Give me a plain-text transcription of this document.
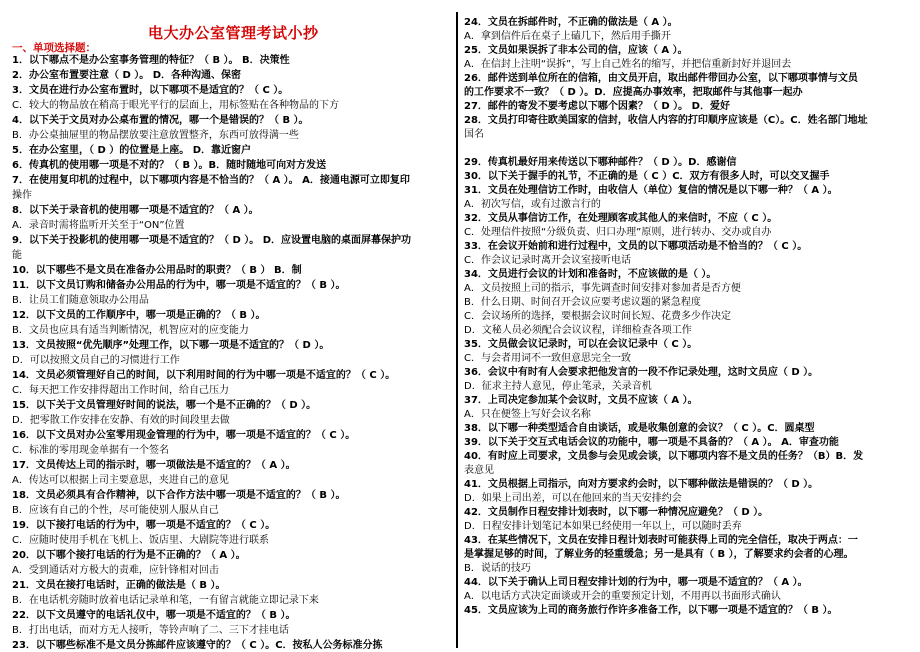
电大办公室管理考试小抄
一、单项选择题：
1．以下哪点不是办公室事务管理的特征？（ B ）。 B．决策性
2．办公室布置要注意（ D ）。 D．各种沟通、保密
3．文员在进行办公室布置时，以下哪项不是适宜的？（ C ）。
C．较大的物品放在稍高于眼光平行的层面上，用标签贴在各种物品的下方
4．以下关于文员对办公桌布置的情况，哪一个是错误的？（ B ）。
B．办公桌抽屉里的物品摆放要注意放置整齐，东西可放得满一些
5．在办公室里，（ D ）的位置是上座。 D．靠近窗户
6．传真机的使用哪一项是不对的？（ B ）。B．随时随地可向对方发送
7．在使用复印机的过程中，以下哪项内容是不恰当的？（ A ）。 A．接通电源可立即复印
操作
8．以下关于录音机的使用哪一项是不适宜的？（ A ）。
A．录音时需将监听开关至于“ON”位置
9．以下关于投影机的使用哪一项是不适宜的？（ D ）。 D．应设置电脑的桌面屏幕保护功
能
10．以下哪些不是文员在准备办公用品时的职责？（ B ） B．制
11．以下文员订购和储备办公用品的行为中，哪一项是不适宜的？（ B ）。
B．让员工们随意领取办公用品
12．以下文员的工作顺序中，哪一项是正确的？（ B ）。
B．文员也应具有适当判断情况，机智应对的应变能力
13．文员按照“优先顺序”处理工作，以下哪一项是不适宜的？（ D ）。
D．可以按照文员自己的习惯进行工作
14．文员必须管理好自己的时间，以下利用时间的行为中哪一项是不适宜的？（ C ）。
C．每天把工作安排得超出工作时间，给自己压力
15．以下关于文员管理好时间的说法，哪一个是不正确的？（ D ）。
D．把零散工作安排在安静、有效的时间段里去做
16．以下文员对办公室零用现金管理的行为中，哪一项是不适宜的？（ C ）。
C．标准的零用现金单据有一个签名
17．文员传达上司的指示时，哪一项做法是不适宜的？（ A ）。
A．传达可以根据上司主要意思，夹进自己的意见
18．文员必须具有合作精神，以下合作方法中哪一项是不适宜的？（ B ）。
B．应该有自己的个性，尽可能使别人服从自己
19．以下接打电话的行为中，哪一项是不适宜的？（ C ）。
C．应随时使用手机在飞机上、饭店里、大剧院等进行联系
20．以下哪个接打电话的行为是不正确的？（ A ）。
A．受到通话对方极大的责难，应针锋相对回击
21．文员在接打电话时，正确的做法是（ B ）。
B．在电话机旁随时放着电话记录单和笔，一有留言就能立即记录下来
22．以下文员遵守的电话礼仪中，哪一项是不适宜的？（ B ）。
B．打出电话，而对方无人接听，等铃声响了二、三下才挂电话
23．以下哪些标准不是文员分拣邮件应该遵守的？（ C ）。C．按私人公务标准分拣
24．文员在拆邮件时，不正确的做法是（ A ）。
A．拿到信件后在桌子上磕几下，然后用手撕开
25．文员如果误拆了非本公司的信，应该（ A ）。
A．在信封上注明“误拆”，写上自己姓名的缩写，并把信重新封好并退回去
26．邮件送到单位所在的信箱，由文员开启，取出邮件带回办公室，以下哪项事情与文员
的工作要求不一致？（ D ）。D．应提高办事效率，把取邮件与其他事一起办
27．邮件的寄发不要考虑以下哪个因素？（ D ）。 D．爱好
28．文员打印寄往欧美国家的信封，收信人内容的打印顺序应该是（C）。C．姓名部门地址
国名
29．传真机最好用来传送以下哪种邮件？（ D ）。D．感谢信
30．以下关于握手的礼节，不正确的是（ C ）C．双方有很多人时，可以交叉握手
31．文员在处理信访工作时，由收信人（单位）复信的情况是以下哪一种？（ A ）。
A．初次写信，或有过激言行的
32．文员从事信访工作，在处理顾客或其他人的来信时，不应（ C ）。
C．处理信件按照“分级负责、归口办理”原则，进行转办、交办或自办
33．在会议开始前和进行过程中，文员的以下哪项活动是不恰当的？（ C ）。
C．作会议记录时离开会议室接听电话
34．文员进行会议的计划和准备时，不应该做的是（ ）。
A．文员按照上司的指示，事先调查时间安排对参加者是否方便
B．什么日期、时间召开会议应要考虑议题的紧急程度
C．会议场所的选择，要根据会议时间长短、花费多少作决定
D．文秘人员必须配合会议议程，详细检查各项工作
35．文员做会议记录时，可以在会议记录中（ C ）。
C．与会者用词不一致但意思完全一致
36．会议中有时有人会要求把他发言的一段不作记录处理，这时文员应（ D ）。
D．征求主持人意见，停止笔录，关录音机
37．上司决定参加某个会议时，文员不应该（ A ）。
A．只在便签上写好会议名称
38．以下哪一种类型适合自由谈话，或是收集创意的会议？（ C ）。C．圆桌型
39．以下关于交互式电话会议的功能中，哪一项是不具备的？（ A ）。 A．审查功能
40．有时应上司要求，文员参与会见或会谈，以下哪项内容不是文员的任务？（B）B．发
表意见
41．文员根据上司指示，向对方要求约会时，以下哪种做法是错误的？（ D ）。
D．如果上司出差，可以在他回来的当天安排约会
42．文员制作日程安排计划表时，以下哪一种情况应避免？（ D ）。
D．日程安排计划笔记本如果已经使用一年以上，可以随时丢弃
43．在某些情况下，文员在安排日程计划表时可能获得上司的完全信任，取决于两点：一
是掌握足够的时间，了解业务的轻重缓急；另一是具有（ B ），了解要求约会者的心理。
B．说话的技巧
44．以下关于确认上司日程安排计划的行为中，哪一项是不适宜的？（ A ）。
A．以电话方式决定面谈或开会的重要预定计划，不用再以书面形式确认
45．文员应该为上司的商务旅行作许多准备工作，以下哪一项是不适宜的？（ B ）。
